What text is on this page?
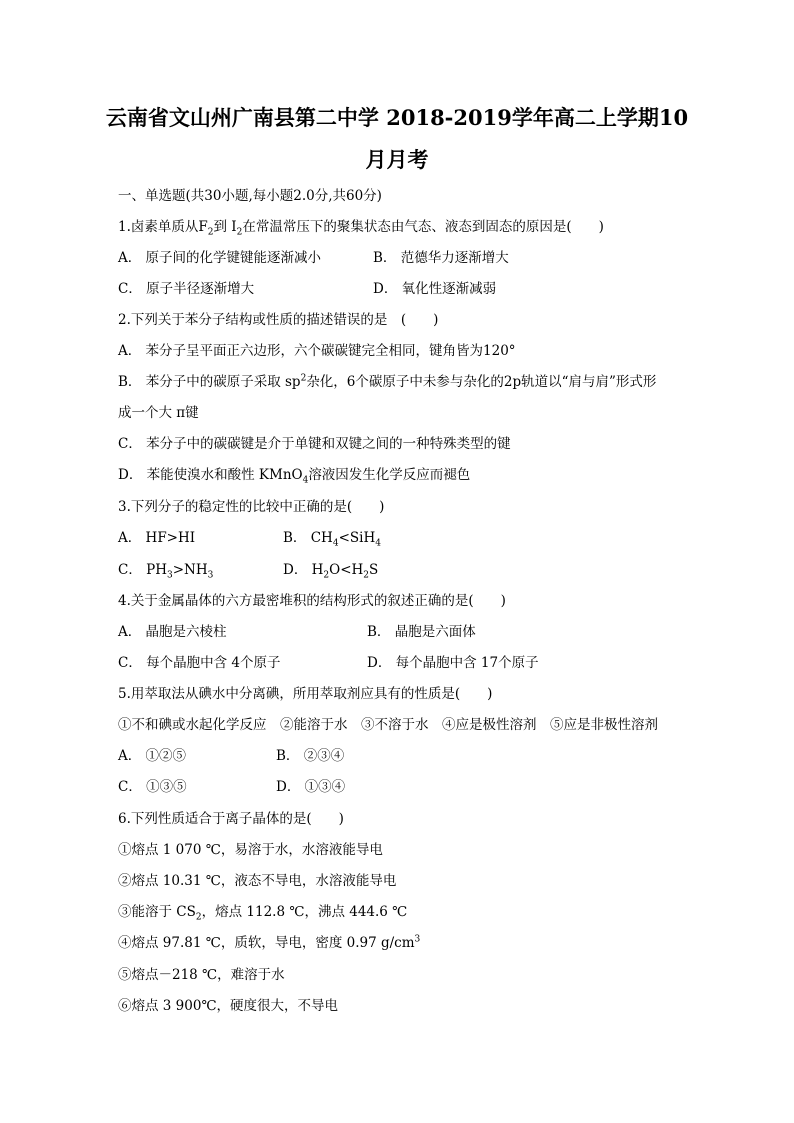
云南省文山州广南县第二中学 2018-2019学年高二上学期10
月月考
一、单选题(共30小题,每小题2.0分,共60分)
1.卤素单质从$F_2$到 $I_2$在常温常压下的聚集状态由气态、液态到固态的原因是(　　)
A． 原子间的化学键键能逐渐减小	B． 范德华力逐渐增大
C． 原子半径逐渐增大	D． 氧化性逐渐减弱
2.下列关于苯分子结构或性质的描述错误的是　(　　)
A． 苯分子呈平面正六边形，六个碳碳键完全相同，键角皆为120°
B． 苯分子中的碳原子采取 $sp^2$杂化，6个碳原子中未参与杂化的2p轨道以“肩与肩”形式形
成一个大 π键
C． 苯分子中的碳碳键是介于单键和双键之间的一种特殊类型的键
D． 苯能使溴水和酸性 KMnO$_4$溶液因发生化学反应而褪色
3.下列分子的稳定性的比较中正确的是(　　)
A． HF>HI	B． $CH_4<SiH_4$
C． $PH_3>NH_3$	D． $H_2O<H_2S$
4.关于金属晶体的六方最密堆积的结构形式的叙述正确的是(　　)
A． 晶胞是六棱柱	B． 晶胞是六面体
C． 每个晶胞中含 4个原子	D． 每个晶胞中含 17个原子
5.用萃取法从碘水中分离碘，所用萃取剂应具有的性质是(　　)
①不和碘或水起化学反应　②能溶于水　③不溶于水　④应是极性溶剂　⑤应是非极性溶剂
A． ①②⑤	B． ②③④
C． ①③⑤	D． ①③④
6.下列性质适合于离子晶体的是(　　)
①熔点 1 070 ℃，易溶于水，水溶液能导电
②熔点 10.31 ℃，液态不导电，水溶液能导电
③能溶于 $CS_2$，熔点 112.8 ℃，沸点 444.6 ℃
④熔点 97.81 ℃，质软，导电，密度 0.97 $g/cm^3$
⑤熔点－218 ℃，难溶于水
⑥熔点 3 900℃，硬度很大，不导电
